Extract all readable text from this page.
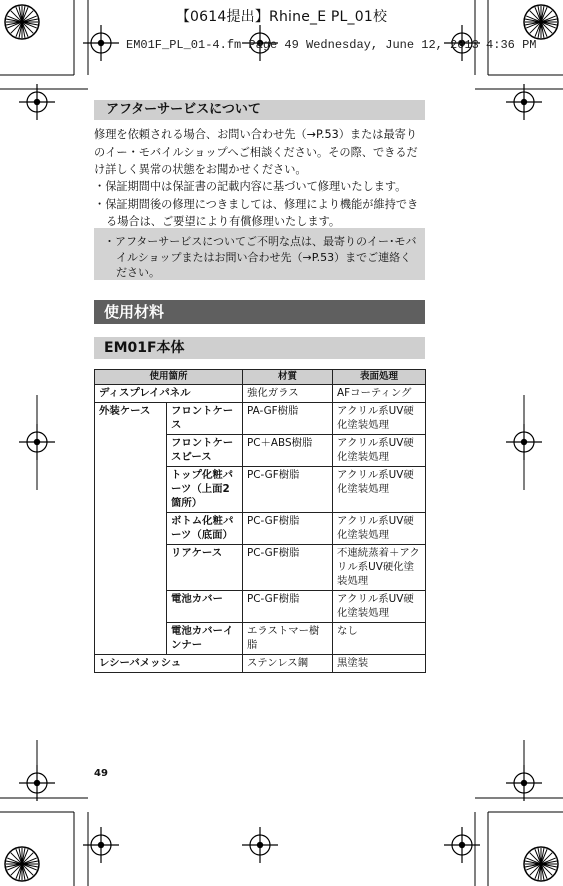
【0614提出】Rhine_E PL_01校
EM01F_PL_01-4.fm Page 49 Wednesday, June 12, 2013 4:36 PM
アフターサービスについて
修理を依頼される場合、お問い合わせ先（→P.53）または最寄りのイー・モバイルショップへご相談ください。その際、できるだけ詳しく異常の状態をお聞かせください。
・保証期間中は保証書の記載内容に基づいて修理いたします。
・保証期間後の修理につきましては、修理により機能が維持できる場合は、ご要望により有償修理いたします。
・アフターサービスについてご不明な点は、最寄りのイー･モバイルショップまたはお問い合わせ先（→P.53）までご連絡ください。
使用材料
EM01F本体
使用箇所		材質	表面処理
ディスプレイパネル		強化ガラス	AFコーティング
外装ケース	フロントケース	PA-GF樹脂	アクリル系UV硬化塗装処理
	フロントケースピース	PC＋ABS樹脂	アクリル系UV硬化塗装処理
	トップ化粧パーツ（上面2箇所）	PC-GF樹脂	アクリル系UV硬化塗装処理
	ボトム化粧パーツ（底面）	PC-GF樹脂	アクリル系UV硬化塗装処理
	リアケース	PC-GF樹脂	不連続蒸着＋アクリル系UV硬化塗装処理
	電池カバー	PC-GF樹脂	アクリル系UV硬化塗装処理
	電池カバーインナー	エラストマー樹脂	なし
レシーバメッシュ		ステンレス鋼	黒塗装
49
